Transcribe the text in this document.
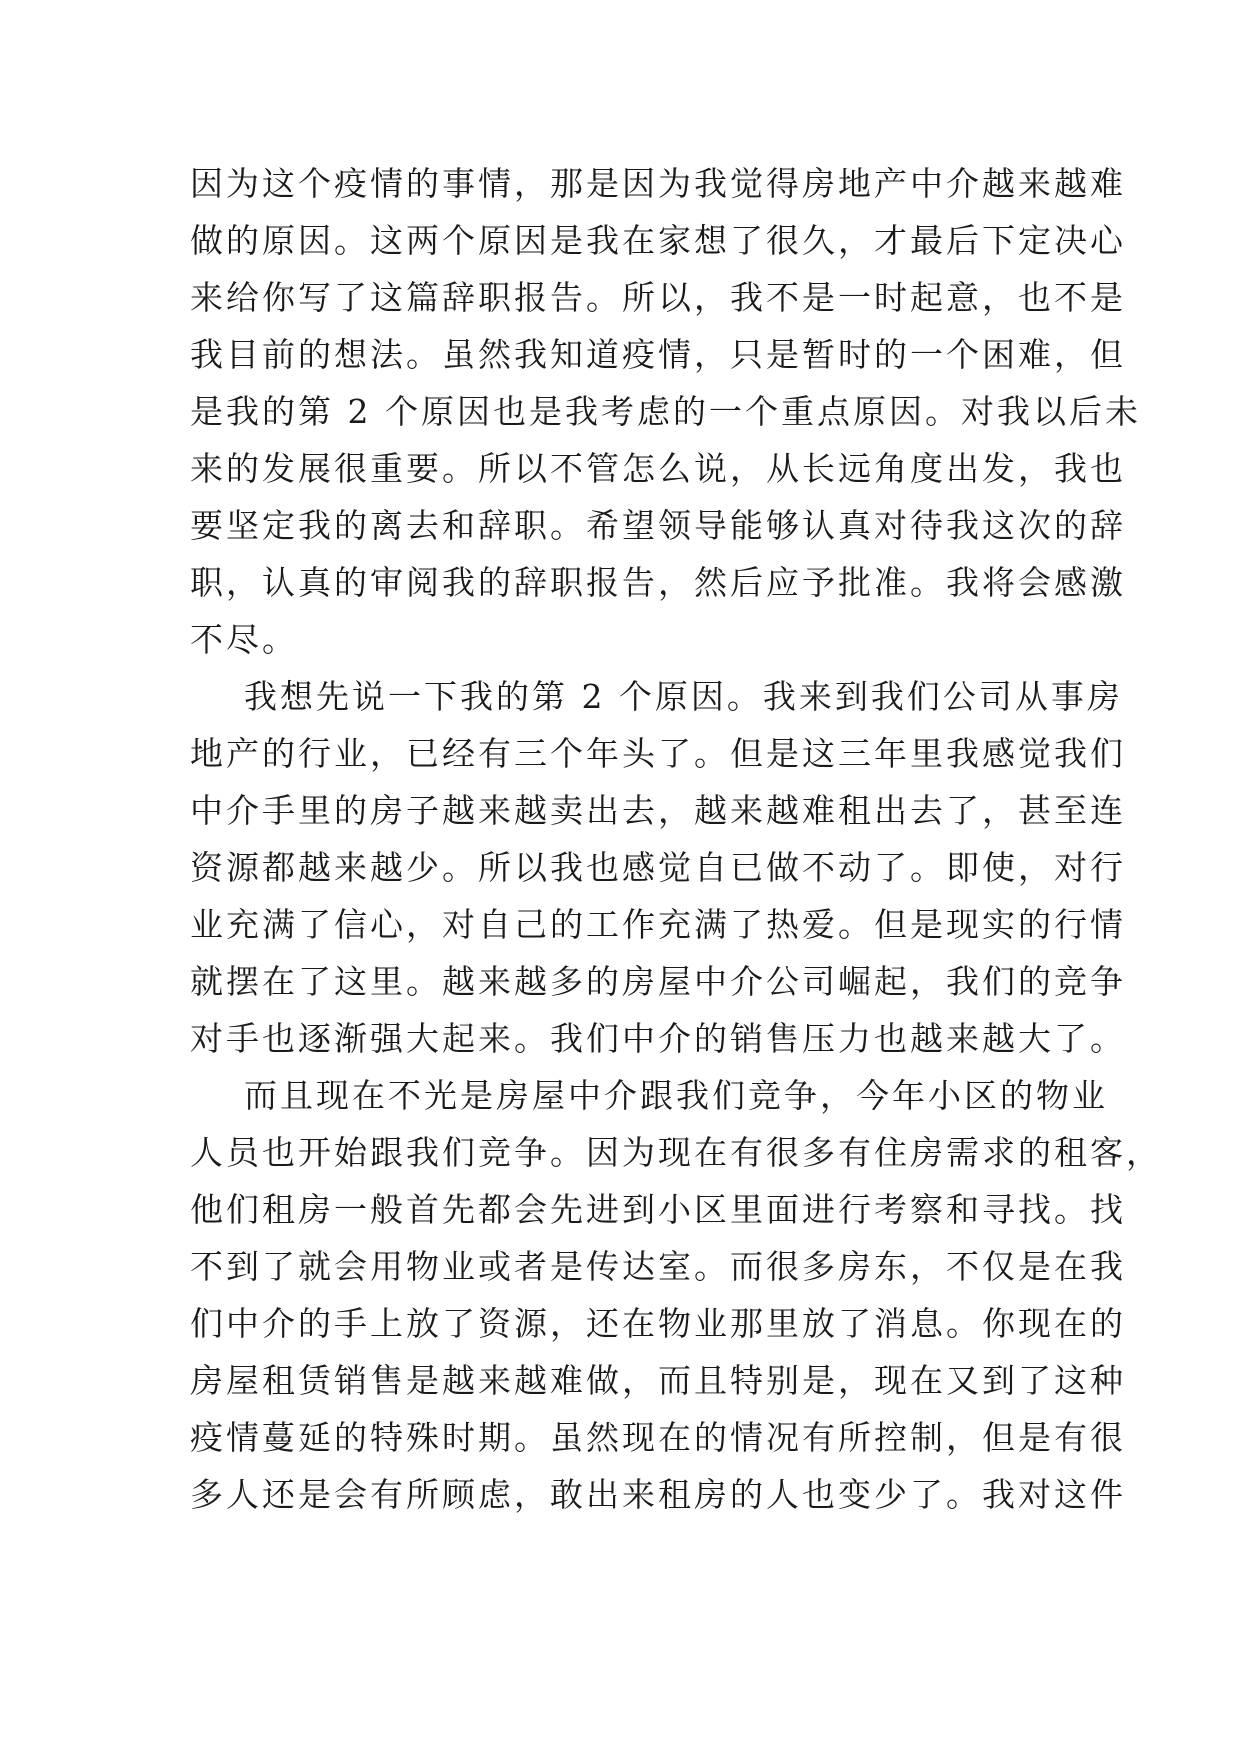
因为这个疫情的事情，那是因为我觉得房地产中介越来越难
做的原因。这两个原因是我在家想了很久，才最后下定决心
来给你写了这篇辞职报告。所以，我不是一时起意，也不是
我目前的想法。虽然我知道疫情，只是暂时的一个困难，但
是我的第 2 个原因也是我考虑的一个重点原因。对我以后未
来的发展很重要。所以不管怎么说，从长远角度出发，我也
要坚定我的离去和辞职。希望领导能够认真对待我这次的辞
职，认真的审阅我的辞职报告，然后应予批准。我将会感激
不尽。
我想先说一下我的第 2 个原因。我来到我们公司从事房
地产的行业，已经有三个年头了。但是这三年里我感觉我们
中介手里的房子越来越卖出去，越来越难租出去了，甚至连
资源都越来越少。所以我也感觉自已做不动了。即使，对行
业充满了信心，对自己的工作充满了热爱。但是现实的行情
就摆在了这里。越来越多的房屋中介公司崛起，我们的竞争
对手也逐渐强大起来。我们中介的销售压力也越来越大了。
而且现在不光是房屋中介跟我们竞争，今年小区的物业
人员也开始跟我们竞争。因为现在有很多有住房需求的租客，
他们租房一般首先都会先进到小区里面进行考察和寻找。找
不到了就会用物业或者是传达室。而很多房东，不仅是在我
们中介的手上放了资源，还在物业那里放了消息。你现在的
房屋租赁销售是越来越难做，而且特别是，现在又到了这种
疫情蔓延的特殊时期。虽然现在的情况有所控制，但是有很
多人还是会有所顾虑，敢出来租房的人也变少了。我对这件
